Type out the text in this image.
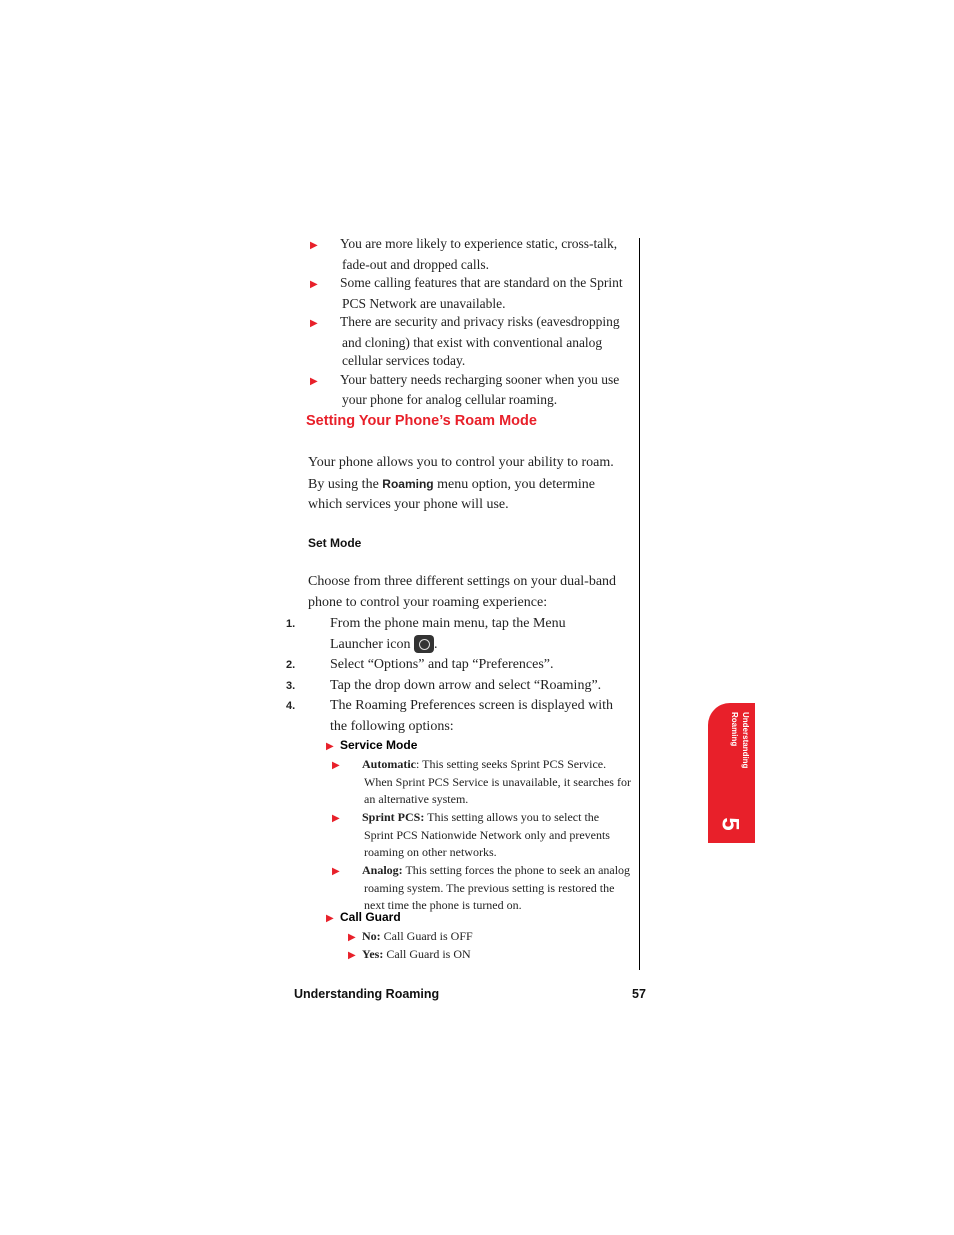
▶ You are more likely to experience static, cross-talk, fade-out and dropped calls.
▶ Some calling features that are standard on the Sprint PCS Network are unavailable.
▶ There are security and privacy risks (eavesdropping and cloning) that exist with conventional analog cellular services today.
▶ Your battery needs recharging sooner when you use your phone for analog cellular roaming.
Setting Your Phone’s Roam Mode
Your phone allows you to control your ability to roam. By using the Roaming menu option, you determine which services your phone will use.
Set Mode
Choose from three different settings on your dual-band phone to control your roaming experience:
1. From the phone main menu, tap the Menu Launcher icon .
2. Select “Options” and tap “Preferences”.
3. Tap the drop down arrow and select “Roaming”.
4. The Roaming Preferences screen is displayed with the following options:
▶ Service Mode
▶ Automatic: This setting seeks Sprint PCS Service. When Sprint PCS Service is unavailable, it searches for an alternative system.
▶ Sprint PCS: This setting allows you to select the Sprint PCS Nationwide Network only and prevents roaming on other networks.
▶ Analog: This setting forces the phone to seek an analog roaming system. The previous setting is restored the next time the phone is turned on.
▶ Call Guard
▶ No: Call Guard is OFF
▶ Yes: Call Guard is ON
Understanding Roaming
5
Understanding Roaming	57
